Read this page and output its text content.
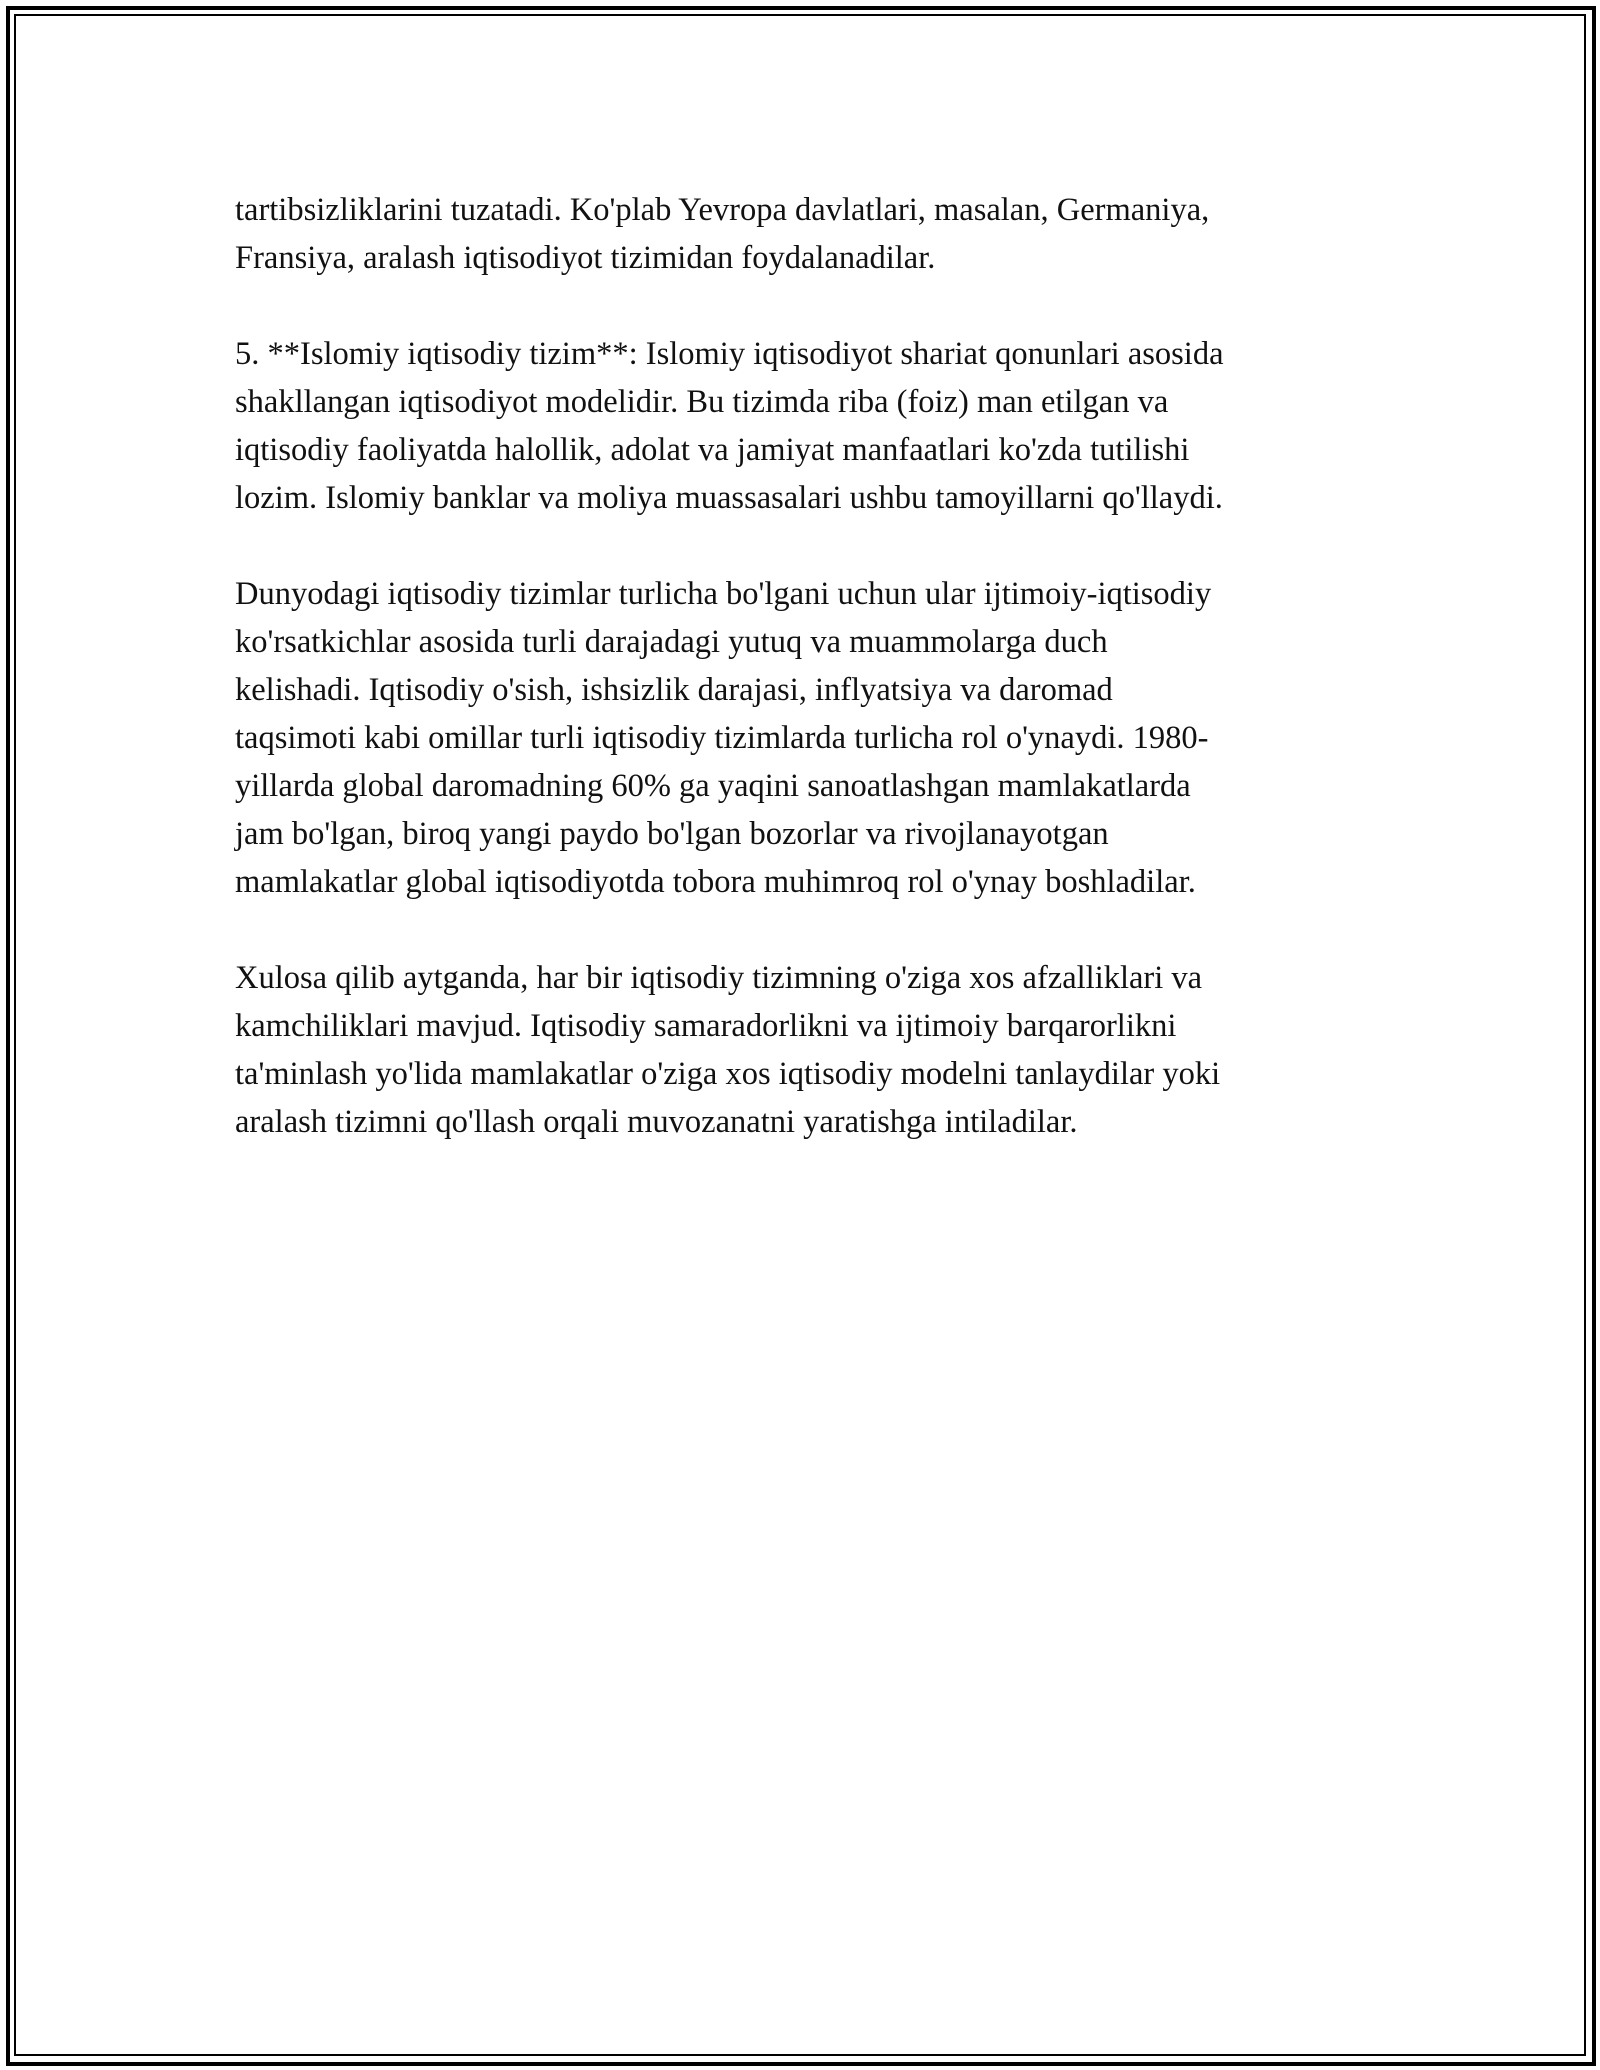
tartibsizliklarini tuzatadi. Ko'plab Yevropa davlatlari, masalan, Germaniya,
Fransiya, aralash iqtisodiyot tizimidan foydalanadilar.

5. **Islomiy iqtisodiy tizim**: Islomiy iqtisodiyot shariat qonunlari asosida
shakllangan iqtisodiyot modelidir. Bu tizimda riba (foiz) man etilgan va
iqtisodiy faoliyatda halollik, adolat va jamiyat manfaatlari ko'zda tutilishi
lozim. Islomiy banklar va moliya muassasalari ushbu tamoyillarni qo'llaydi.

Dunyodagi iqtisodiy tizimlar turlicha bo'lgani uchun ular ijtimoiy-iqtisodiy
ko'rsatkichlar asosida turli darajadagi yutuq va muammolarga duch
kelishadi. Iqtisodiy o'sish, ishsizlik darajasi, inflyatsiya va daromad
taqsimoti kabi omillar turli iqtisodiy tizimlarda turlicha rol o'ynaydi. 1980-
yillarda global daromadning 60% ga yaqini sanoatlashgan mamlakatlarda
jam bo'lgan, biroq yangi paydo bo'lgan bozorlar va rivojlanayotgan
mamlakatlar global iqtisodiyotda tobora muhimroq rol o'ynay boshladilar.

Xulosa qilib aytganda, har bir iqtisodiy tizimning o'ziga xos afzalliklari va
kamchiliklari mavjud. Iqtisodiy samaradorlikni va ijtimoiy barqarorlikni
ta'minlash yo'lida mamlakatlar o'ziga xos iqtisodiy modelni tanlaydilar yoki
aralash tizimni qo'llash orqali muvozanatni yaratishga intiladilar.
